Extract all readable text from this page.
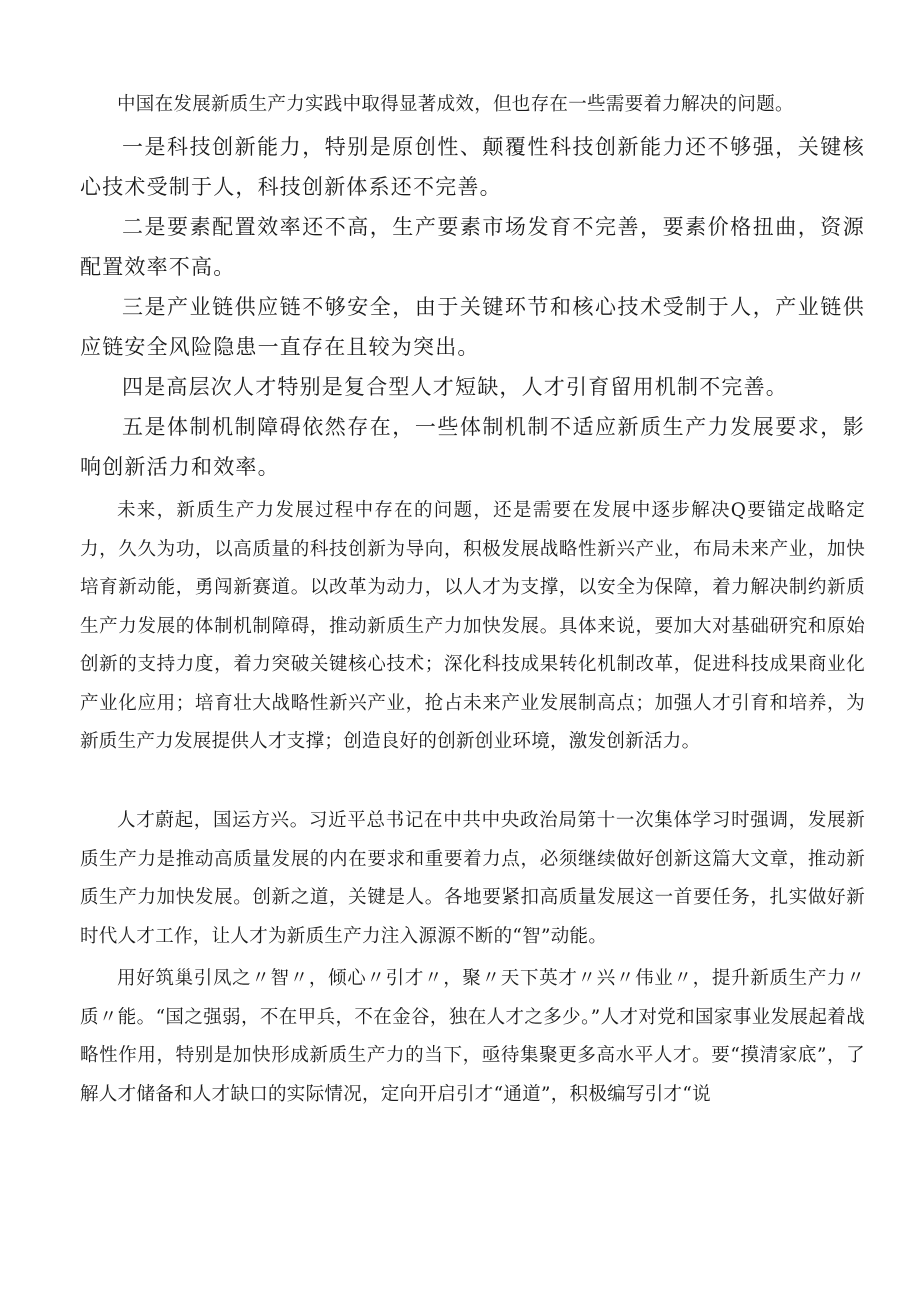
中国在发展新质生产力实践中取得显著成效，但也存在一些需要着力解决的问题。

一是科技创新能力，特别是原创性、颠覆性科技创新能力还不够强，关键核心技术受制于人，科技创新体系还不完善。

二是要素配置效率还不高，生产要素市场发育不完善，要素价格扭曲，资源配置效率不高。

三是产业链供应链不够安全，由于关键环节和核心技术受制于人，产业链供应链安全风险隐患一直存在且较为突出。

四是高层次人才特别是复合型人才短缺，人才引育留用机制不完善。

五是体制机制障碍依然存在，一些体制机制不适应新质生产力发展要求，影响创新活力和效率。

未来，新质生产力发展过程中存在的问题，还是需要在发展中逐步解决Q要锚定战略定力，久久为功，以高质量的科技创新为导向，积极发展战略性新兴产业，布局未来产业，加快培育新动能，勇闯新赛道。以改革为动力，以人才为支撑，以安全为保障，着力解决制约新质生产力发展的体制机制障碍，推动新质生产力加快发展。具体来说，要加大对基础研究和原始创新的支持力度，着力突破关键核心技术；深化科技成果转化机制改革，促进科技成果商业化产业化应用；培育壮大战略性新兴产业，抢占未来产业发展制高点；加强人才引育和培养，为新质生产力发展提供人才支撑；创造良好的创新创业环境，激发创新活力。

人才蔚起，国运方兴。习近平总书记在中共中央政治局第十一次集体学习时强调，发展新质生产力是推动高质量发展的内在要求和重要着力点，必须继续做好创新这篇大文章，推动新质生产力加快发展。创新之道，关键是人。各地要紧扣高质量发展这一首要任务，扎实做好新时代人才工作，让人才为新质生产力注入源源不断的“智”动能。

用好筑巢引凤之〃智〃，倾心〃引才〃，聚〃天下英才〃兴〃伟业〃，提升新质生产力〃质〃能。“国之强弱，不在甲兵，不在金谷，独在人才之多少。”人才对党和国家事业发展起着战略性作用，特别是加快形成新质生产力的当下，亟待集聚更多高水平人才。要“摸清家底”，了解人才储备和人才缺口的实际情况，定向开启引才“通道”，积极编写引才“说
